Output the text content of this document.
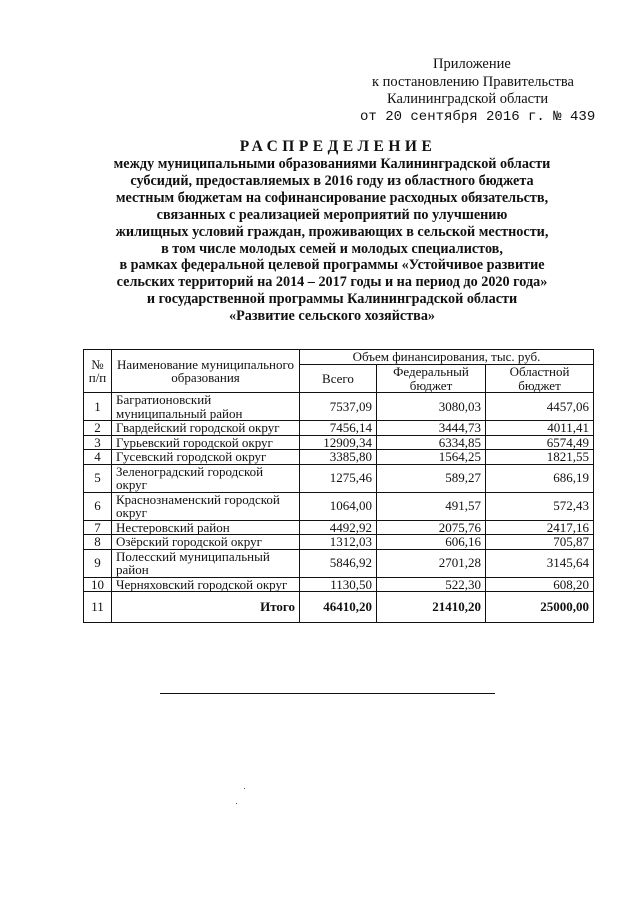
Приложение
к постановлению Правительства
Калининградской области
от 20 сентября 2016 г. № 439
РАСПРЕДЕЛЕНИЕ
между муниципальными образованиями Калининградской области
субсидий, предоставляемых в 2016 году из областного бюджета
местным бюджетам на софинансирование расходных обязательств,
связанных с реализацией мероприятий по улучшению
жилищных условий граждан, проживающих в сельской местности,
в том числе молодых семей и молодых специалистов,
в рамках федеральной целевой программы «Устойчивое развитие
сельских территорий на 2014 – 2017 годы и на период до 2020 года»
и государственной программы Калининградской области
«Развитие сельского хозяйства»
№ п/п	Наименование муниципального образования	Объем финансирования, тыс. руб.		
		Всего	Федеральный бюджет	Областной бюджет
1	Багратионовский муниципальный район	7537,09	3080,03	4457,06
2	Гвардейский городской округ	7456,14	3444,73	4011,41
3	Гурьевский городской округ	12909,34	6334,85	6574,49
4	Гусевский городской округ	3385,80	1564,25	1821,55
5	Зеленоградский городской округ	1275,46	589,27	686,19
6	Краснознаменский городской округ	1064,00	491,57	572,43
7	Нестеровский район	4492,92	2075,76	2417,16
8	Озёрский городской округ	1312,03	606,16	705,87
9	Полесский муниципальный район	5846,92	2701,28	3145,64
10	Черняховский городской округ	1130,50	522,30	608,20
11	Итого	46410,20	21410,20	25000,00
